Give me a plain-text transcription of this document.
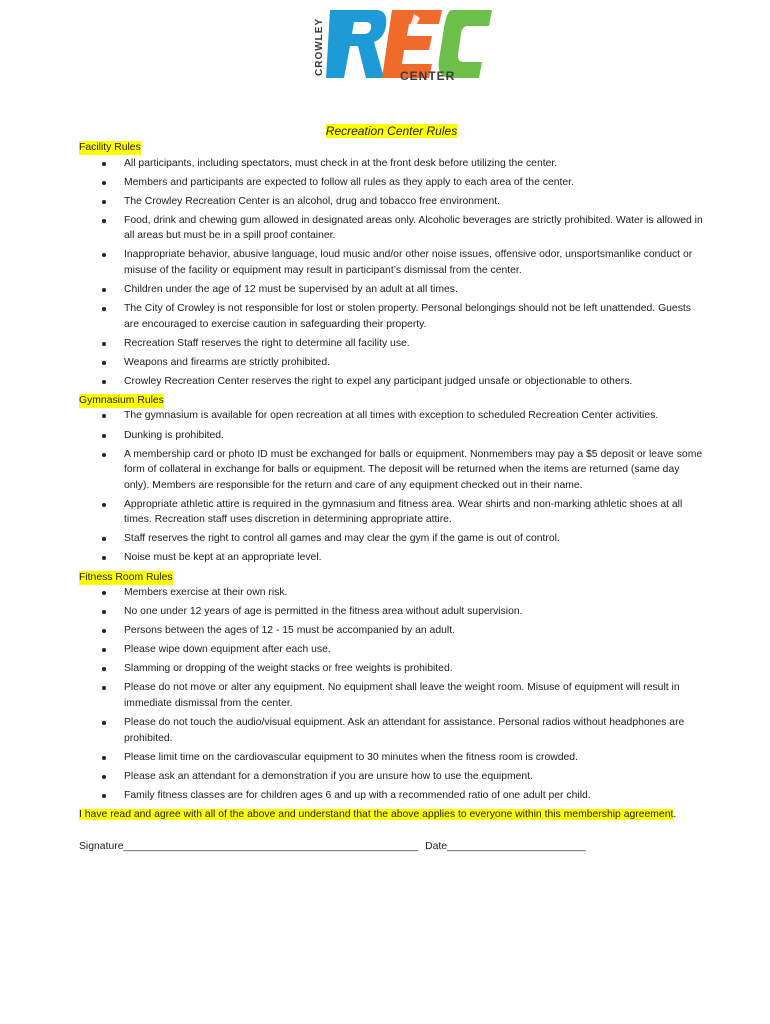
CROWLEY	CENTER
Recreation Center Rules
Facility Rules
All participants, including spectators, must check in at the front desk before utilizing the center.
Members and participants are expected to follow all rules as they apply to each area of the center.
The Crowley Recreation Center is an alcohol, drug and tobacco free environment.
Food, drink and chewing gum allowed in designated areas only. Alcoholic beverages are strictly prohibited. Water is allowed in all areas but must be in a spill proof container.
Inappropriate behavior, abusive language, loud music and/or other noise issues, offensive odor, unsportsmanlike conduct or misuse of the facility or equipment may result in participant’s dismissal from the center.
Children under the age of 12 must be supervised by an adult at all times.
The City of Crowley is not responsible for lost or stolen property. Personal belongings should not be left unattended. Guests are encouraged to exercise caution in safeguarding their property.
Recreation Staff reserves the right to determine all facility use.
Weapons and firearms are strictly prohibited.
Crowley Recreation Center reserves the right to expel any participant judged unsafe or objectionable to others.
Gymnasium Rules
The gymnasium is available for open recreation at all times with exception to scheduled Recreation Center activities.
Dunking is prohibited.
A membership card or photo ID must be exchanged for balls or equipment. Nonmembers may pay a $5 deposit or leave some form of collateral in exchange for balls or equipment. The deposit will be returned when the items are returned (same day only). Members are responsible for the return and care of any equipment checked out in their name.
Appropriate athletic attire is required in the gymnasium and fitness area. Wear shirts and non-marking athletic shoes at all times. Recreation staff uses discretion in determining appropriate attire.
Staff reserves the right to control all games and may clear the gym if the game is out of control.
Noise must be kept at an appropriate level.
Fitness Room Rules
Members exercise at their own risk.
No one under 12 years of age is permitted in the fitness area without adult supervision.
Persons between the ages of 12 - 15 must be accompanied by an adult.
Please wipe down equipment after each use.
Slamming or dropping of the weight stacks or free weights is prohibited.
Please do not move or alter any equipment. No equipment shall leave the weight room. Misuse of equipment will result in immediate dismissal from the center.
Please do not touch the audio/visual equipment. Ask an attendant for assistance. Personal radios without headphones are prohibited.
Please limit time on the cardiovascular equipment to 30 minutes when the fitness room is crowded.
Please ask an attendant for a demonstration if you are unsure how to use the equipment.
Family fitness classes are for children ages 6 and up with a recommended ratio of one adult per child.
I have read and agree with all of the above and understand that the above applies to everyone within this membership agreement.
Signature___________________________________________________ Date________________________
